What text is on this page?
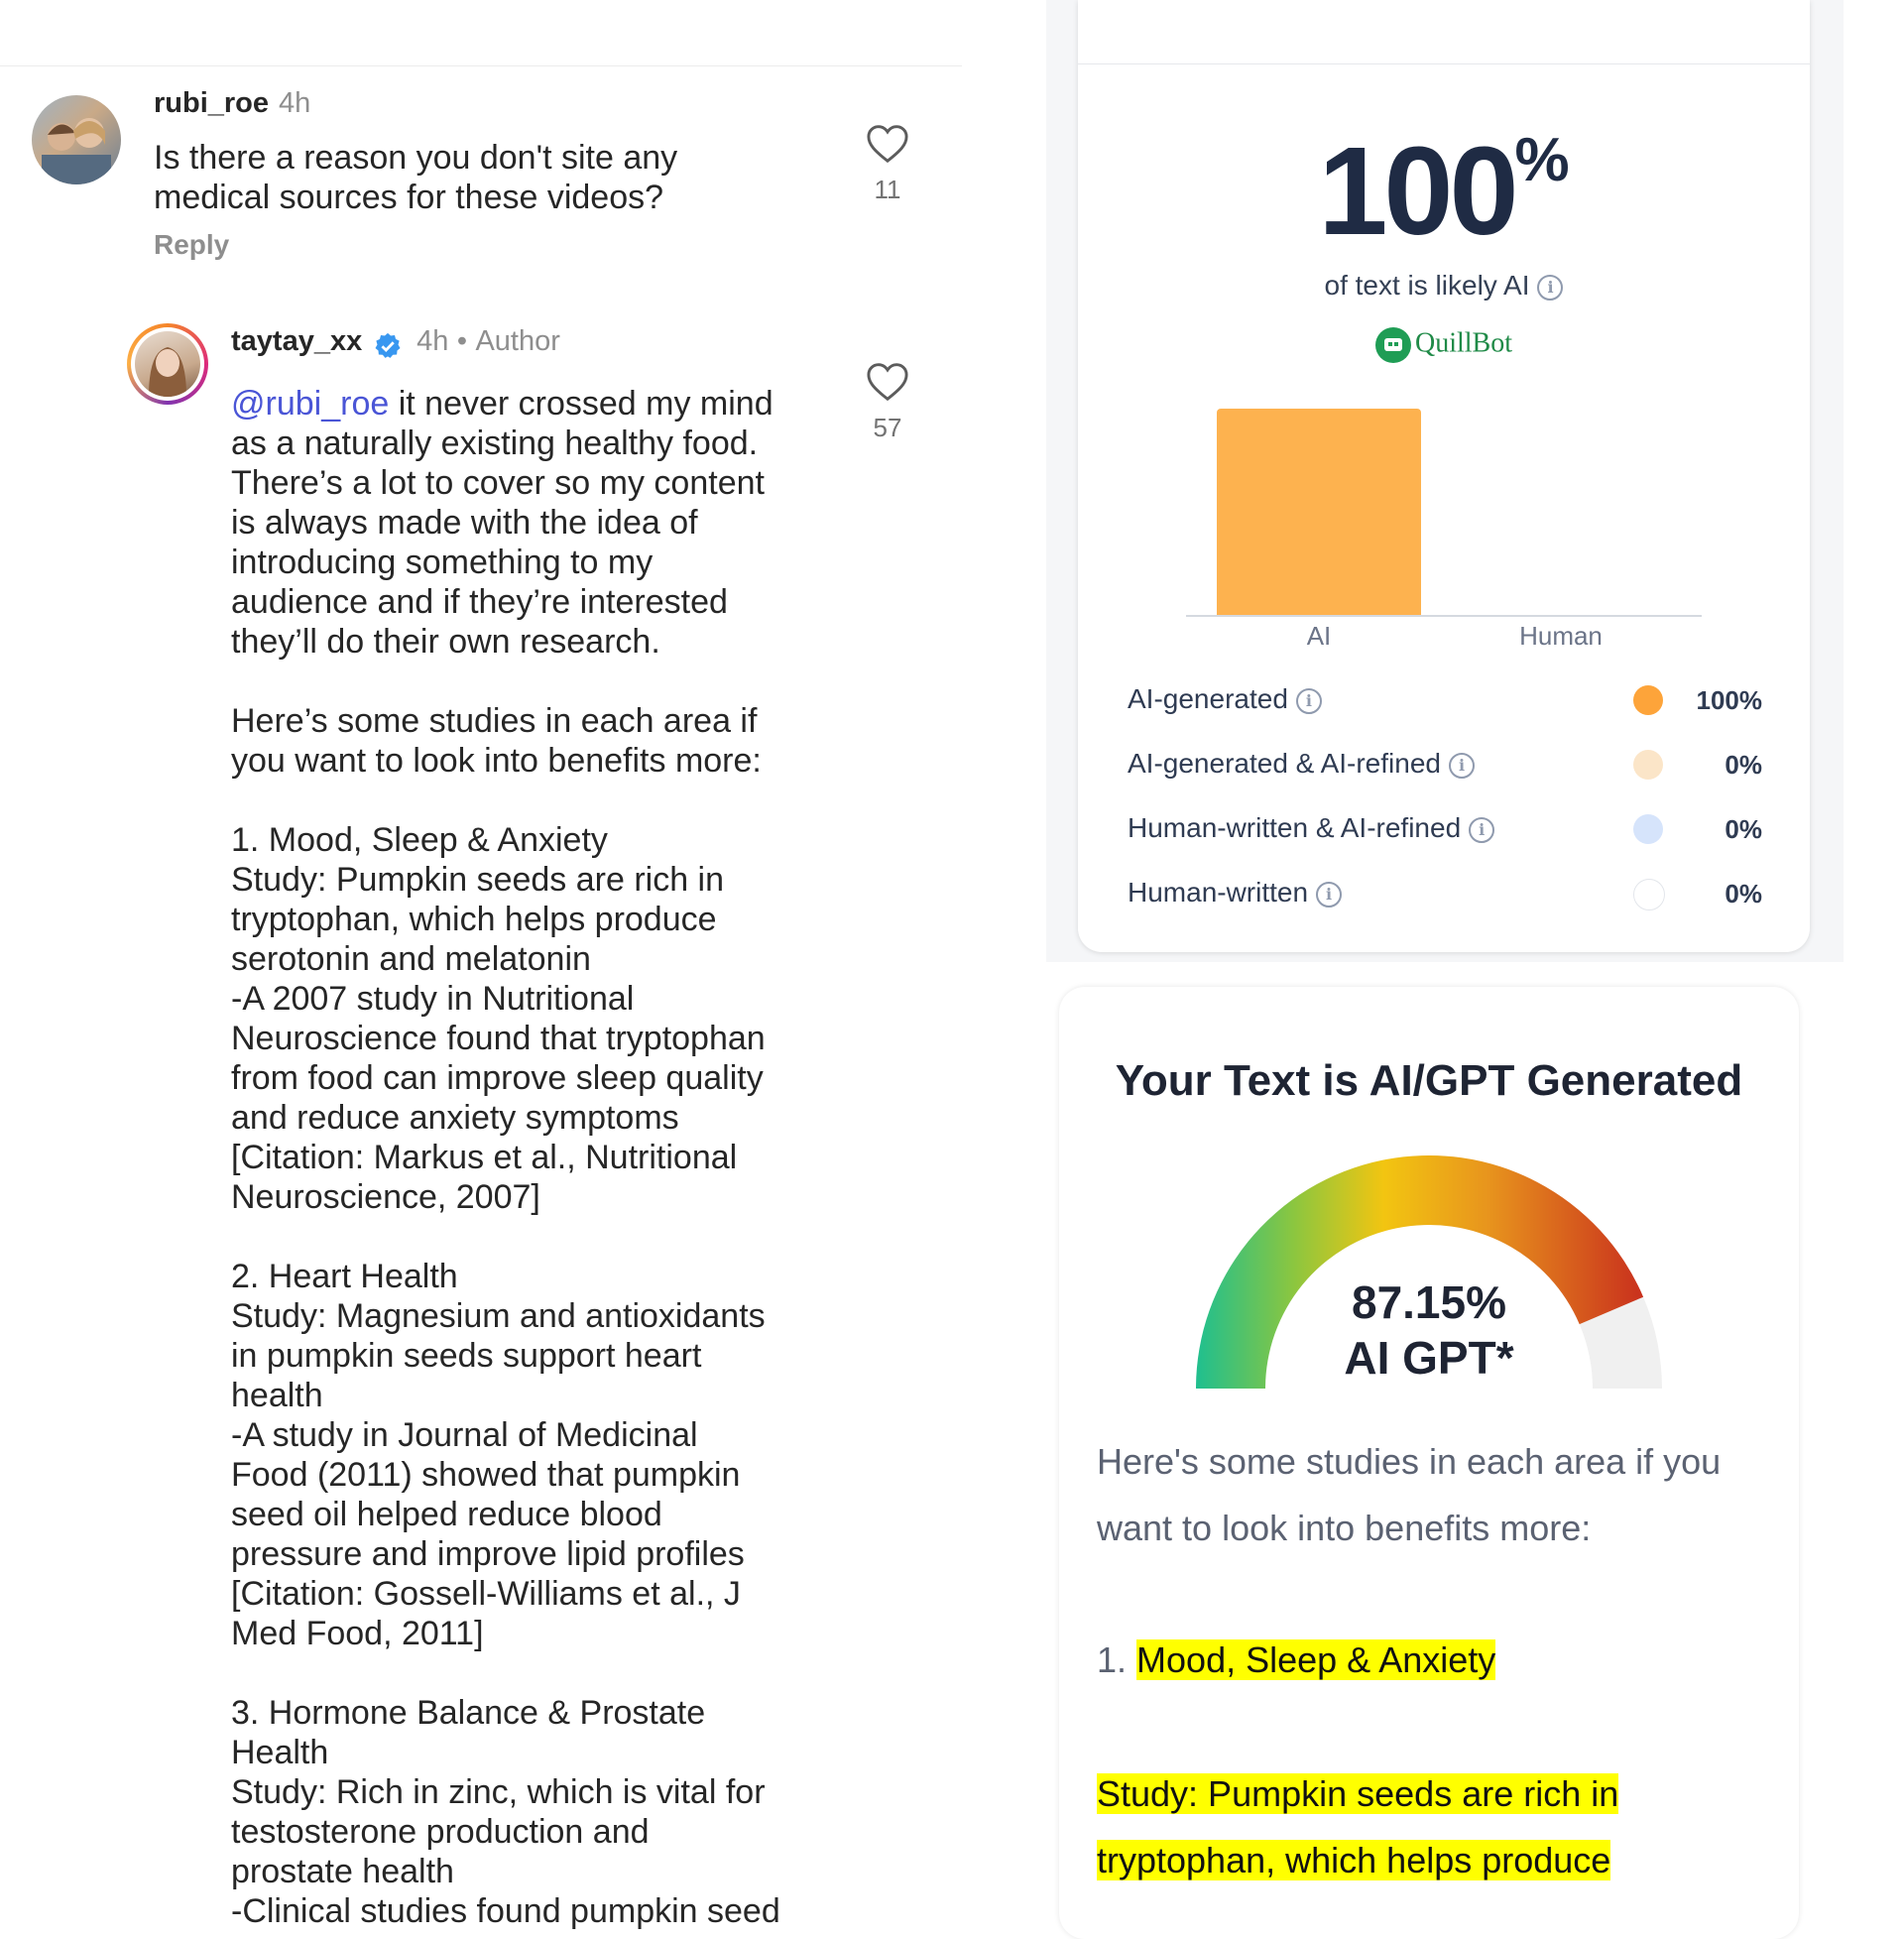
rubi_roe 4h
Is there a reason you don't site any
medical sources for these videos?
Reply
11
taytay_xx 4h • Author
@rubi_roe it never crossed my mind
as a naturally existing healthy food.
There’s a lot to cover so my content
is always made with the idea of
introducing something to my
audience and if they’re interested
they’ll do their own research.

Here’s some studies in each area if
you want to look into benefits more:

1. Mood, Sleep & Anxiety
Study: Pumpkin seeds are rich in
tryptophan, which helps produce
serotonin and melatonin
-A 2007 study in Nutritional
Neuroscience found that tryptophan
from food can improve sleep quality
and reduce anxiety symptoms
[Citation: Markus et al., Nutritional
Neuroscience, 2007]

2. Heart Health
Study: Magnesium and antioxidants
in pumpkin seeds support heart
health
-A study in Journal of Medicinal
Food (2011) showed that pumpkin
seed oil helped reduce blood
pressure and improve lipid profiles
[Citation: Gossell-Williams et al., J
Med Food, 2011]

3. Hormone Balance & Prostate
Health
Study: Rich in zinc, which is vital for
testosterone production and
prostate health
-Clinical studies found pumpkin seed
57
100%
of text is likely AI i
QuillBot
AI	Human
AI-generated i	100%
AI-generated & AI-refined i	0%
Human-written & AI-refined i	0%
Human-written i	0%
Your Text is AI/GPT Generated
87.15%
AI GPT*
Here's some studies in each area if you want to look into benefits more:
1. Mood, Sleep & Anxiety
Study: Pumpkin seeds are rich in
tryptophan, which helps produce
